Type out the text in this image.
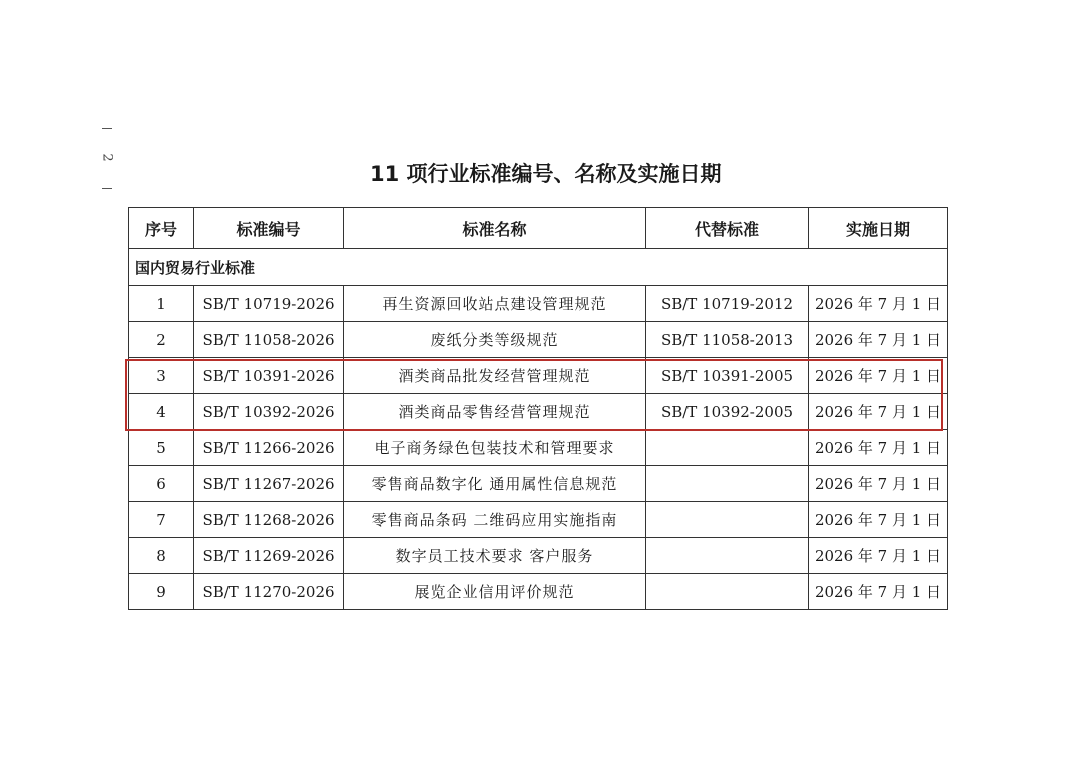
2
11 项行业标准编号、名称及实施日期
序号	标准编号	标准名称	代替标准	实施日期
国内贸易行业标准				
1	SB/T 10719-2026	再生资源回收站点建设管理规范	SB/T 10719-2012	2026 年 7 月 1 日
2	SB/T 11058-2026	废纸分类等级规范	SB/T 11058-2013	2026 年 7 月 1 日
3	SB/T 10391-2026	酒类商品批发经营管理规范	SB/T 10391-2005	2026 年 7 月 1 日
4	SB/T 10392-2026	酒类商品零售经营管理规范	SB/T 10392-2005	2026 年 7 月 1 日
5	SB/T 11266-2026	电子商务绿色包装技术和管理要求		2026 年 7 月 1 日
6	SB/T 11267-2026	零售商品数字化 通用属性信息规范		2026 年 7 月 1 日
7	SB/T 11268-2026	零售商品条码 二维码应用实施指南		2026 年 7 月 1 日
8	SB/T 11269-2026	数字员工技术要求 客户服务		2026 年 7 月 1 日
9	SB/T 11270-2026	展览企业信用评价规范		2026 年 7 月 1 日
